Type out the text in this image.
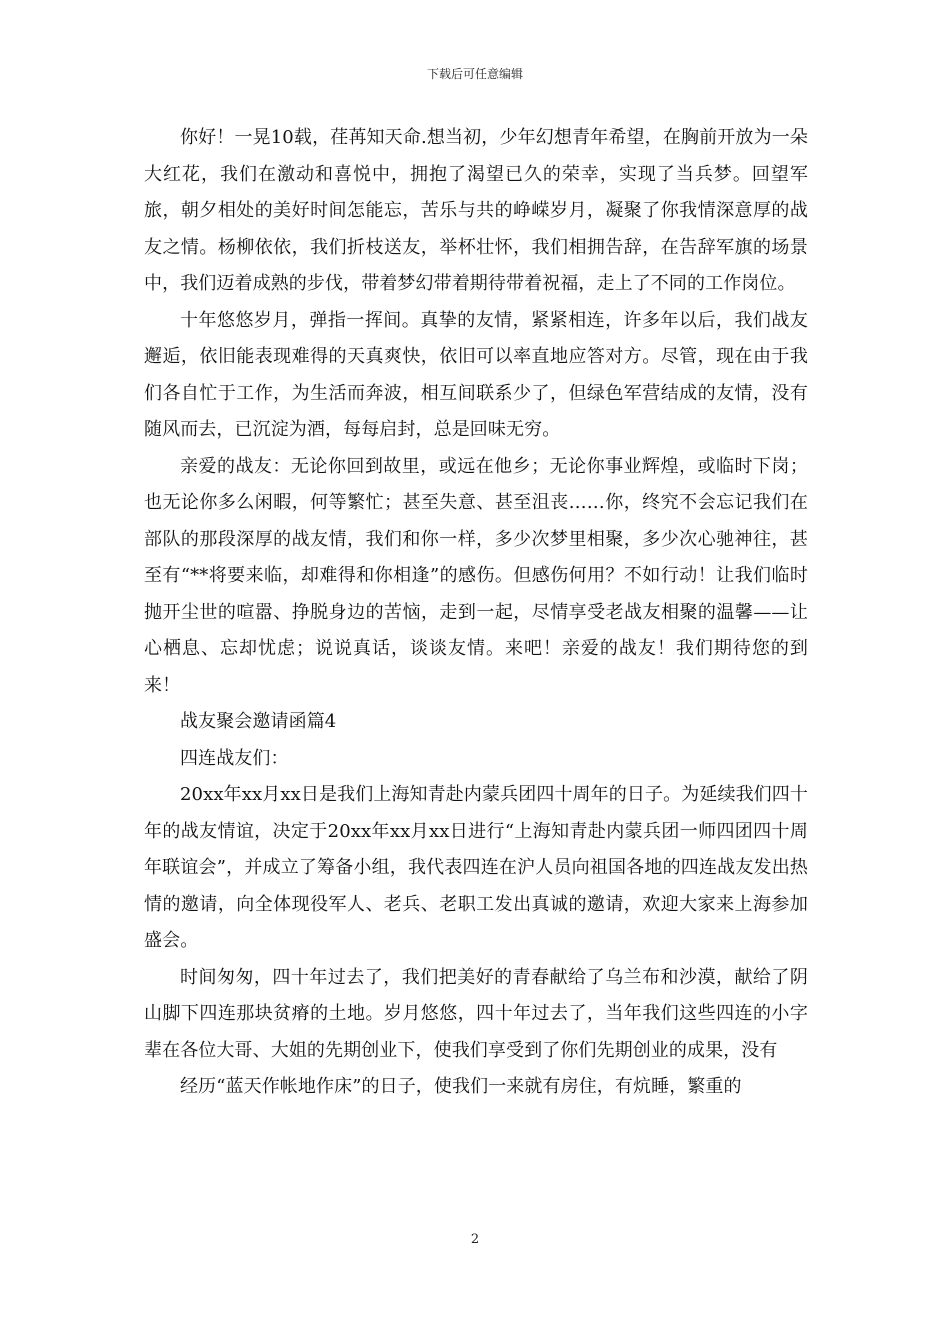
下载后可任意编辑

你好！一晃10载，荏苒知天命.想当初，少年幻想青年希望，在胸前开放为一朵大红花，我们在激动和喜悦中，拥抱了渴望已久的荣幸，实现了当兵梦。回望军旅，朝夕相处的美好时间怎能忘，苦乐与共的峥嵘岁月，凝聚了你我情深意厚的战友之情。杨柳依依，我们折枝送友，举杯壮怀，我们相拥告辞，在告辞军旗的场景中，我们迈着成熟的步伐，带着梦幻带着期待带着祝福，走上了不同的工作岗位。

十年悠悠岁月，弹指一挥间。真挚的友情，紧紧相连，许多年以后，我们战友邂逅，依旧能表现难得的天真爽快，依旧可以率直地应答对方。尽管，现在由于我们各自忙于工作，为生活而奔波，相互间联系少了，但绿色军营结成的友情，没有随风而去，已沉淀为酒，每每启封，总是回味无穷。

亲爱的战友：无论你回到故里，或远在他乡；无论你事业辉煌，或临时下岗；也无论你多么闲暇，何等繁忙；甚至失意、甚至沮丧……你，终究不会忘记我们在部队的那段深厚的战友情，我们和你一样，多少次梦里相聚，多少次心驰神往，甚至有“**将要来临，却难得和你相逢”的感伤。但感伤何用？不如行动！让我们临时抛开尘世的喧嚣、挣脱身边的苦恼，走到一起，尽情享受老战友相聚的温馨——让心栖息、忘却忧虑；说说真话，谈谈友情。来吧！亲爱的战友！我们期待您的到来！

战友聚会邀请函篇4

四连战友们：

20xx年xx月xx日是我们上海知青赴内蒙兵团四十周年的日子。为延续我们四十年的战友情谊，决定于20xx年xx月xx日进行“上海知青赴内蒙兵团一师四团四十周年联谊会”，并成立了筹备小组，我代表四连在沪人员向祖国各地的四连战友发出热情的邀请，向全体现役军人、老兵、老职工发出真诚的邀请，欢迎大家来上海参加盛会。

时间匆匆，四十年过去了，我们把美好的青春献给了乌兰布和沙漠，献给了阴山脚下四连那块贫瘠的土地。岁月悠悠，四十年过去了，当年我们这些四连的小字辈在各位大哥、大姐的先期创业下，使我们享受到了你们先期创业的成果，没有

经历“蓝天作帐地作床”的日子，使我们一来就有房住，有炕睡，繁重的

2
